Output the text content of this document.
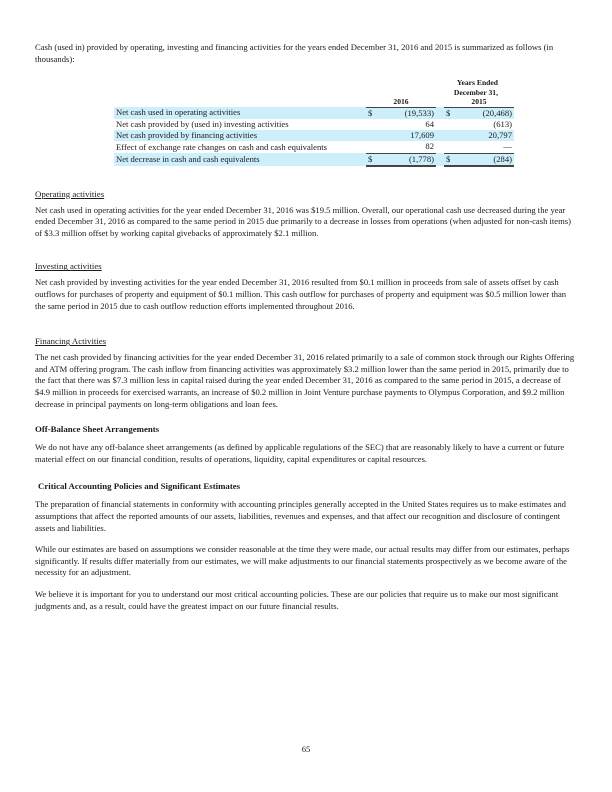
Cash (used in) provided by operating, investing and financing activities for the years ended December 31, 2016 and 2015 is summarized as follows (in thousands):

	Years Ended				
	December 31,				
	2016			2015	
Net cash used in operating activities	$	(19,533)		$	(20,468)
Net cash provided by (used in) investing activities		64			(613)
Net cash provided by financing activities		17,609			20,797
Effect of exchange rate changes on cash and cash equivalents		82			—
Net decrease in cash and cash equivalents	$	(1,778)		$	(284)
Operating activities

Net cash used in operating activities for the year ended December 31, 2016 was $19.5 million. Overall, our operational cash use decreased during the year ended December 31, 2016 as compared to the same period in 2015 due primarily to a decrease in losses from operations (when adjusted for non-cash items) of $3.3 million offset by working capital givebacks of approximately $2.1 million.

Investing activities

Net cash provided by investing activities for the year ended December 31, 2016 resulted from $0.1 million in proceeds from sale of assets offset by cash outflows for purchases of property and equipment of $0.1 million. This cash outflow for purchases of property and equipment was $0.5 million lower than the same period in 2015 due to cash outflow reduction efforts implemented throughout 2016.

Financing Activities

The net cash provided by financing activities for the year ended December 31, 2016 related primarily to a sale of common stock through our Rights Offering and ATM offering program. The cash inflow from financing activities was approximately $3.2 million lower than the same period in 2015, primarily due to the fact that there was $7.3 million less in capital raised during the year ended December 31, 2016 as compared to the same period in 2015, a decrease of $4.9 million in proceeds for exercised warrants, an increase of $0.2 million in Joint Venture purchase payments to Olympus Corporation, and $9.2 million decrease in principal payments on long-term obligations and loan fees.

Off-Balance Sheet Arrangements

We do not have any off-balance sheet arrangements (as defined by applicable regulations of the SEC) that are reasonably likely to have a current or future material effect on our financial condition, results of operations, liquidity, capital expenditures or capital resources.

Critical Accounting Policies and Significant Estimates

The preparation of financial statements in conformity with accounting principles generally accepted in the United States requires us to make estimates and assumptions that affect the reported amounts of our assets, liabilities, revenues and expenses, and that affect our recognition and disclosure of contingent assets and liabilities.

While our estimates are based on assumptions we consider reasonable at the time they were made, our actual results may differ from our estimates, perhaps significantly. If results differ materially from our estimates, we will make adjustments to our financial statements prospectively as we become aware of the necessity for an adjustment.

We believe it is important for you to understand our most critical accounting policies. These are our policies that require us to make our most significant judgments and, as a result, could have the greatest impact on our future financial results.

65
